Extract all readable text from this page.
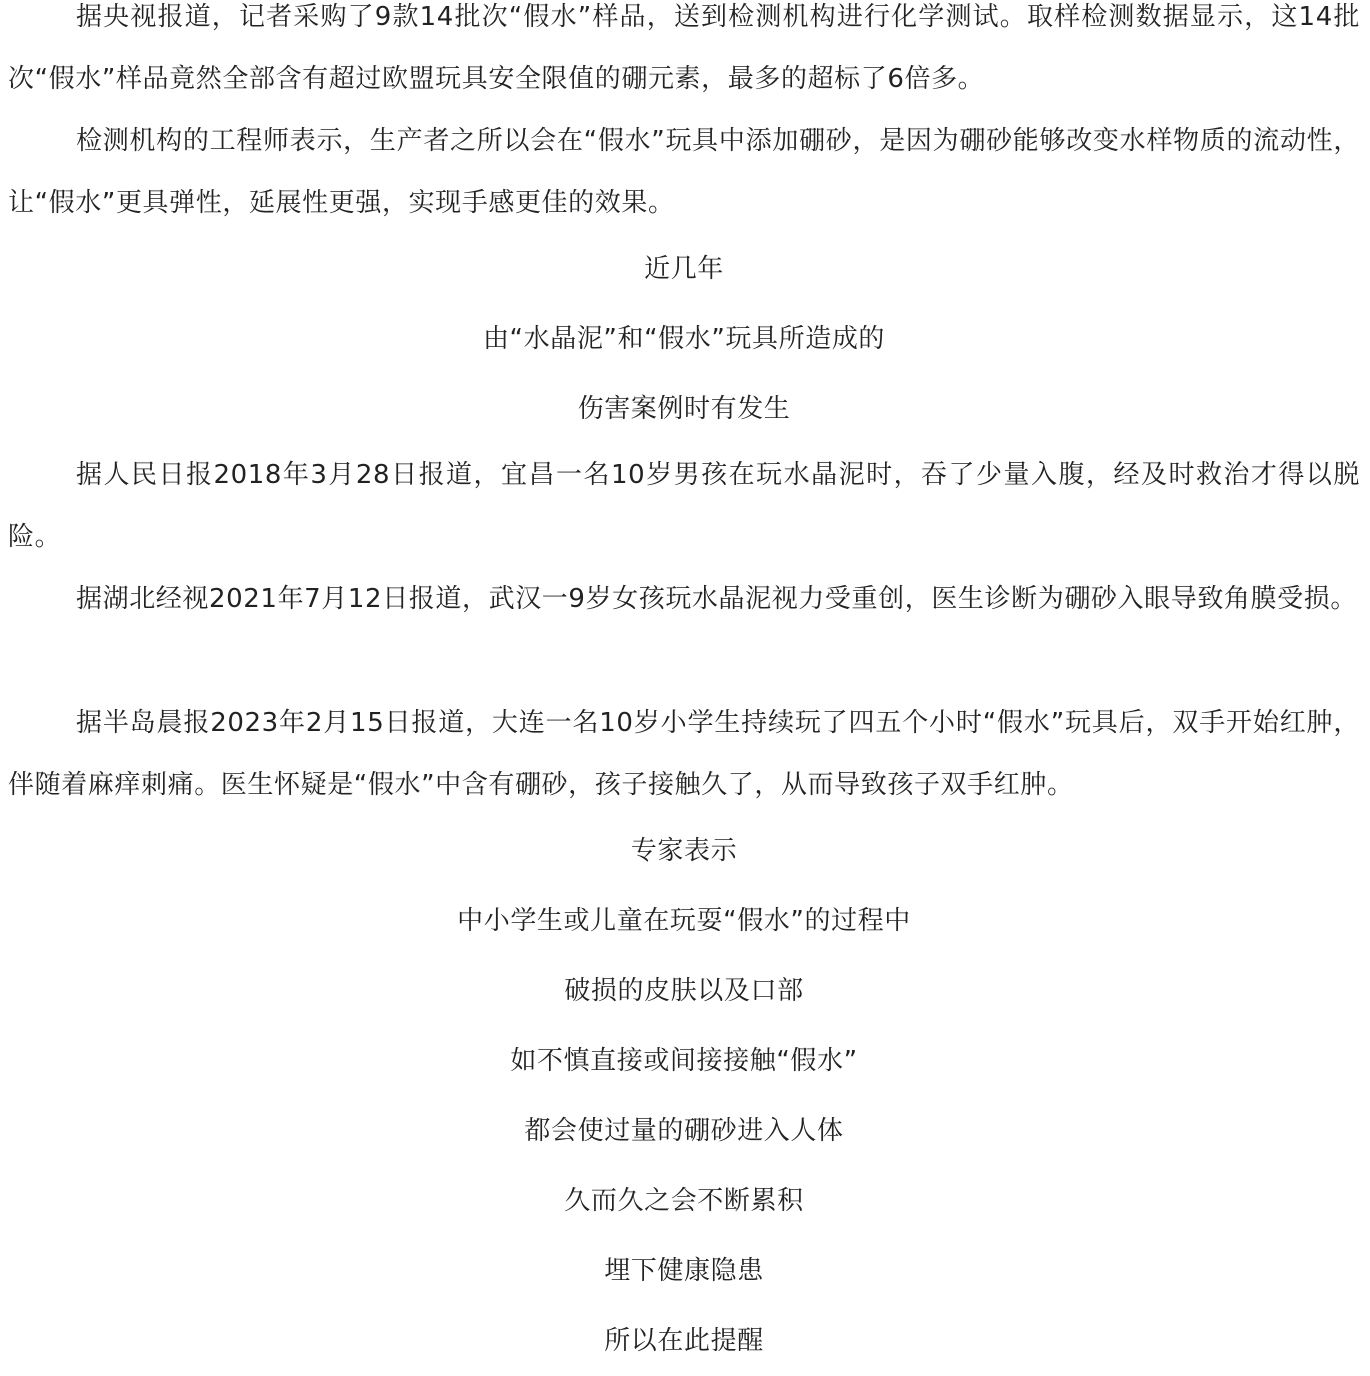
据央视报道，记者采购了9款14批次“假水”样品，送到检测机构进行化学测试。取样检测数据显示，这14批次“假水”样品竟然全部含有超过欧盟玩具安全限值的硼元素，最多的超标了6倍多。

检测机构的工程师表示，生产者之所以会在“假水”玩具中添加硼砂，是因为硼砂能够改变水样物质的流动性，让“假水”更具弹性，延展性更强，实现手感更佳的效果。

近几年

由“水晶泥”和“假水”玩具所造成的

伤害案例时有发生

据人民日报2018年3月28日报道，宜昌一名10岁男孩在玩水晶泥时，吞了少量入腹，经及时救治才得以脱险。

据湖北经视2021年7月12日报道，武汉一9岁女孩玩水晶泥视力受重创，医生诊断为硼砂入眼导致角膜受损。

据半岛晨报2023年2月15日报道，大连一名10岁小学生持续玩了四五个小时“假水”玩具后，双手开始红肿，伴随着麻痒刺痛。医生怀疑是“假水”中含有硼砂，孩子接触久了，从而导致孩子双手红肿。

专家表示

中小学生或儿童在玩耍“假水”的过程中

破损的皮肤以及口部

如不慎直接或间接接触“假水”

都会使过量的硼砂进入人体

久而久之会不断累积

埋下健康隐患

所以在此提醒
